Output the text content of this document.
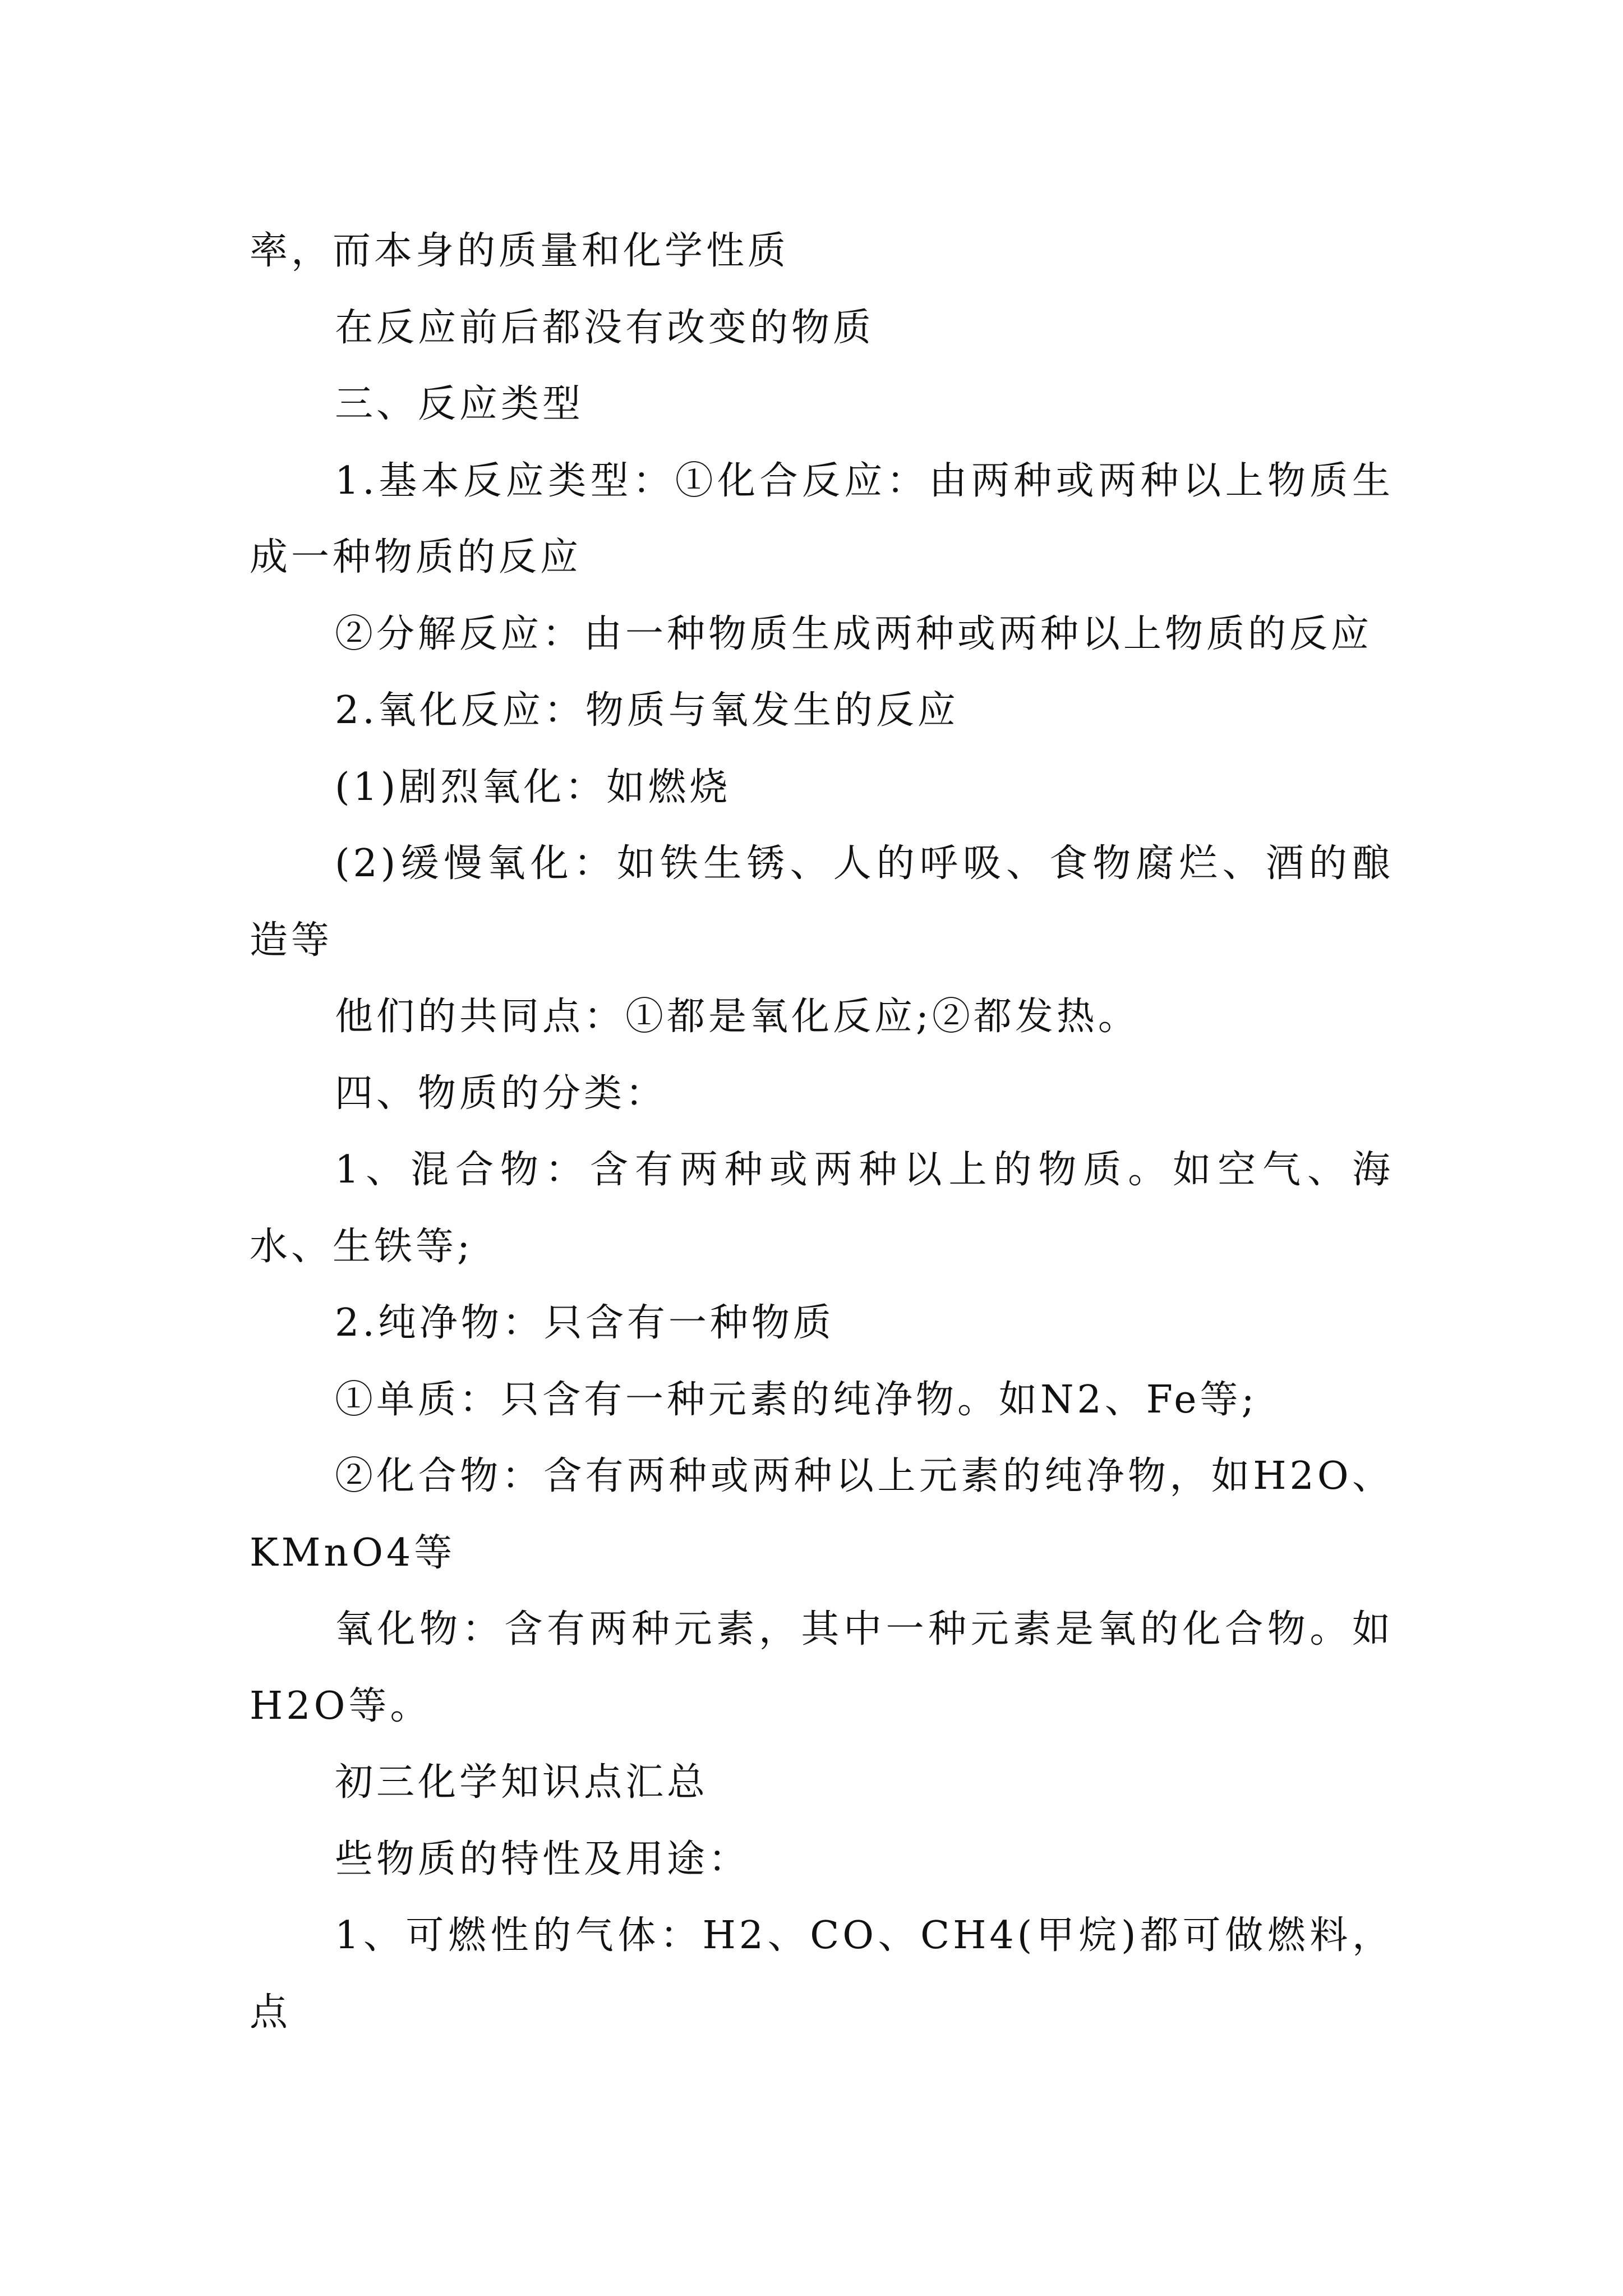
率，而本身的质量和化学性质

在反应前后都没有改变的物质

三、反应类型

1.基本反应类型：①化合反应：由两种或两种以上物质生成一种物质的反应

②分解反应：由一种物质生成两种或两种以上物质的反应

2.氧化反应：物质与氧发生的反应

(1)剧烈氧化：如燃烧

(2)缓慢氧化：如铁生锈、人的呼吸、食物腐烂、酒的酿造等

他们的共同点：①都是氧化反应;②都发热。

四、物质的分类：

1、混合物：含有两种或两种以上的物质。如空气、海水、生铁等;

2.纯净物：只含有一种物质

①单质：只含有一种元素的纯净物。如N2、Fe等;

②化合物：含有两种或两种以上元素的纯净物，如H2O、KMnO4等

氧化物：含有两种元素，其中一种元素是氧的化合物。如H2O等。

初三化学知识点汇总

些物质的特性及用途：

1、可燃性的气体：H2、CO、CH4(甲烷)都可做燃料，点
